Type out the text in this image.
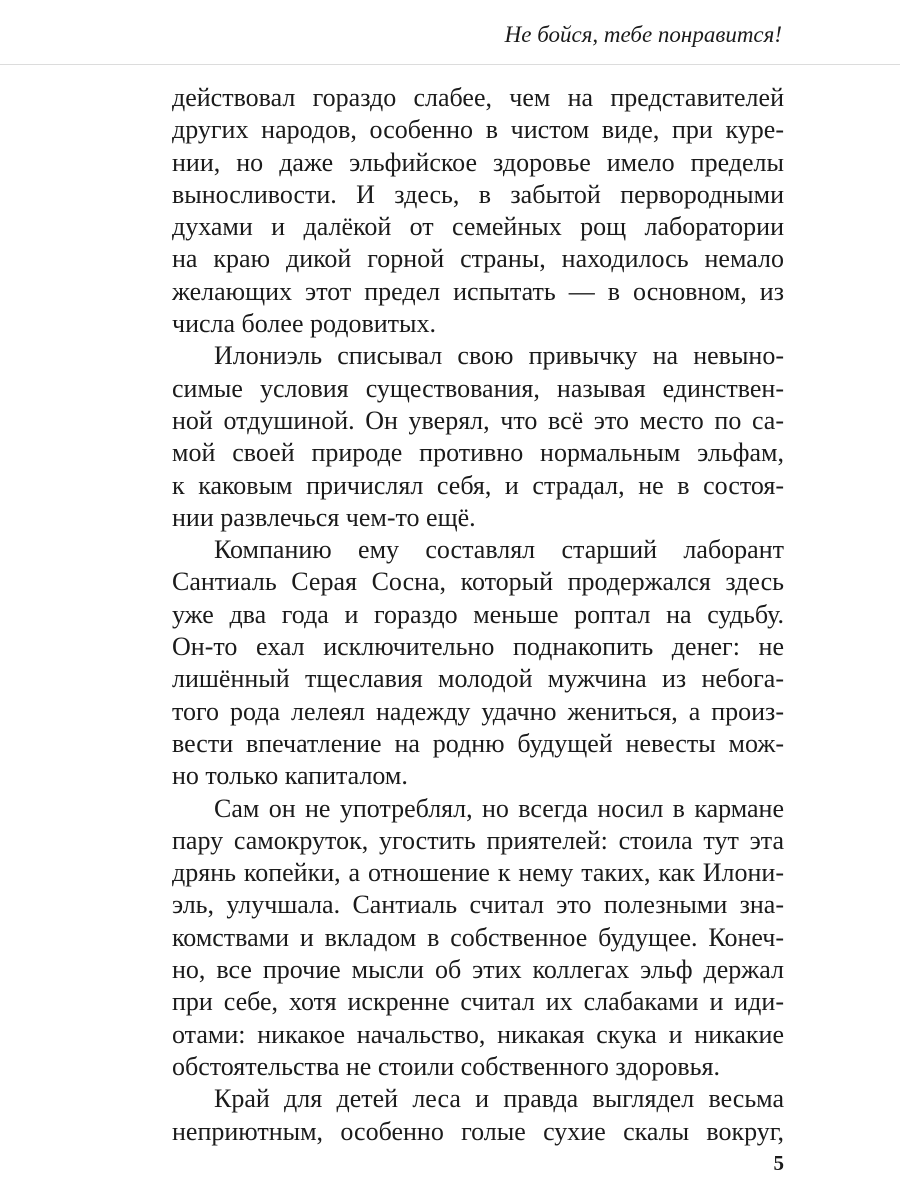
Не бойся, тебе понравится!
действовал гораздо слабее, чем на представителей
других народов, особенно в чистом виде, при куре-
нии, но даже эльфийское здоровье имело пределы
выносливости. И здесь, в забытой первородными
духами и далёкой от семейных рощ лаборатории
на краю дикой горной страны, находилось немало
желающих этот предел испытать — в основном, из
числа более родовитых.
Илониэль списывал свою привычку на невыно-
симые условия существования, называя единствен-
ной отдушиной. Он уверял, что всё это место по са-
мой своей природе противно нормальным эльфам,
к каковым причислял себя, и страдал, не в состоя-
нии развлечься чем-то ещё.
Компанию ему составлял старший лаборант
Сантиаль Серая Сосна, который продержался здесь
уже два года и гораздо меньше роптал на судьбу.
Он-то ехал исключительно поднакопить денег: не
лишённый тщеславия молодой мужчина из небога-
того рода лелеял надежду удачно жениться, а произ-
вести впечатление на родню будущей невесты мож-
но только капиталом.
Сам он не употреблял, но всегда носил в кармане
пару самокруток, угостить приятелей: стоила тут эта
дрянь копейки, а отношение к нему таких, как Илони-
эль, улучшала. Сантиаль считал это полезными зна-
комствами и вкладом в собственное будущее. Конеч-
но, все прочие мысли об этих коллегах эльф держал
при себе, хотя искренне считал их слабаками и иди-
отами: никакое начальство, никакая скука и никакие
обстоятельства не стоили собственного здоровья.
Край для детей леса и правда выглядел весьма
неприютным, особенно голые сухие скалы вокруг,
5
